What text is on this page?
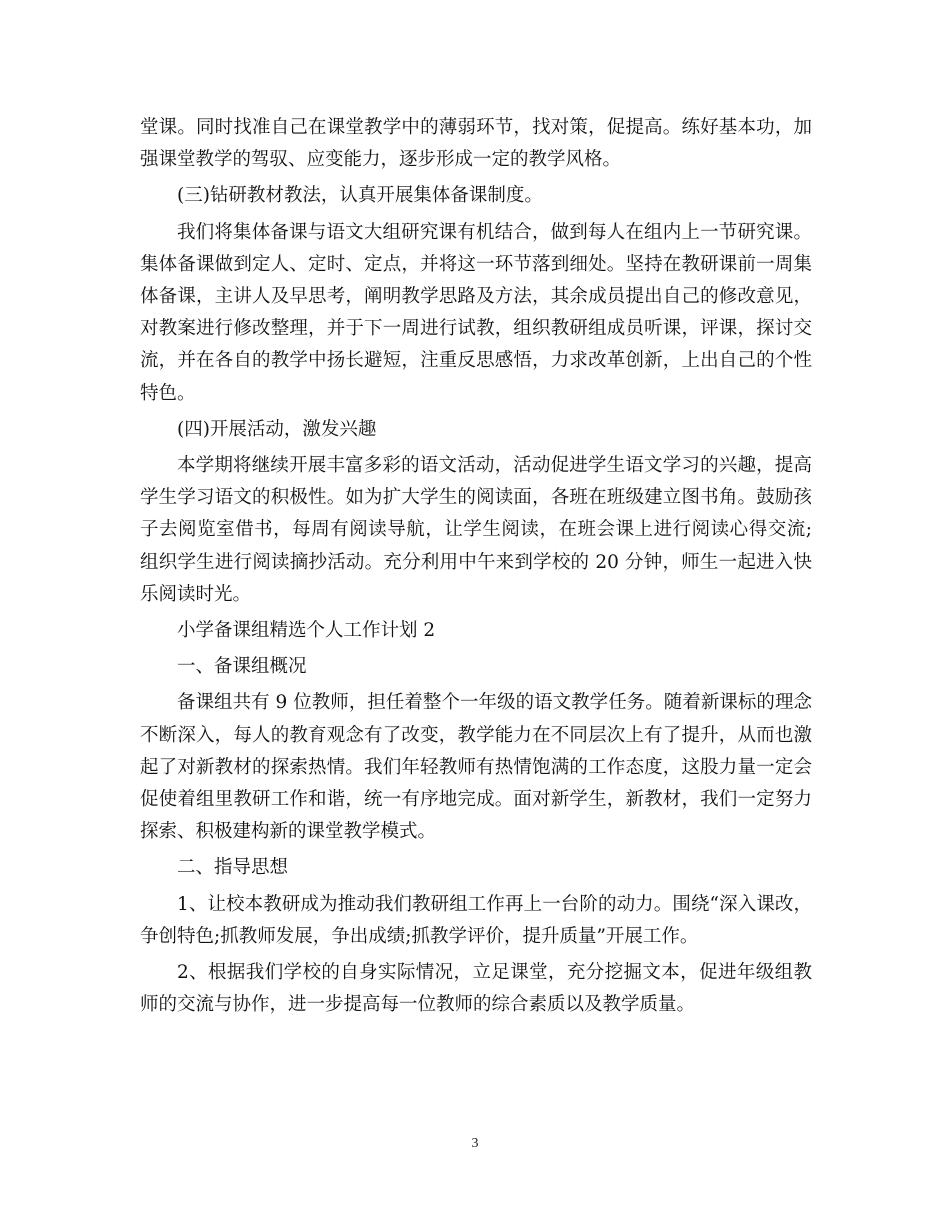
堂课。同时找准自己在课堂教学中的薄弱环节，找对策，促提高。练好基本功，加

强课堂教学的驾驭、应变能力，逐步形成一定的教学风格。

(三)钻研教材教法，认真开展集体备课制度。

我们将集体备课与语文大组研究课有机结合，做到每人在组内上一节研究课。

集体备课做到定人、定时、定点，并将这一环节落到细处。坚持在教研课前一周集

体备课，主讲人及早思考，阐明教学思路及方法，其余成员提出自己的修改意见，

对教案进行修改整理，并于下一周进行试教，组织教研组成员听课，评课，探讨交

流，并在各自的教学中扬长避短，注重反思感悟，力求改革创新，上出自己的个性

特色。

(四)开展活动，激发兴趣

本学期将继续开展丰富多彩的语文活动，活动促进学生语文学习的兴趣，提高

学生学习语文的积极性。如为扩大学生的阅读面，各班在班级建立图书角。鼓励孩

子去阅览室借书，每周有阅读导航，让学生阅读，在班会课上进行阅读心得交流;

组织学生进行阅读摘抄活动。充分利用中午来到学校的 20 分钟，师生一起进入快

乐阅读时光。

小学备课组精选个人工作计划 2

一、备课组概况

备课组共有 9 位教师，担任着整个一年级的语文教学任务。随着新课标的理念

不断深入，每人的教育观念有了改变，教学能力在不同层次上有了提升，从而也激

起了对新教材的探索热情。我们年轻教师有热情饱满的工作态度，这股力量一定会

促使着组里教研工作和谐，统一有序地完成。面对新学生，新教材，我们一定努力

探索、积极建构新的课堂教学模式。

二、指导思想

1、让校本教研成为推动我们教研组工作再上一台阶的动力。围绕“深入课改，

争创特色;抓教师发展，争出成绩;抓教学评价，提升质量”开展工作。

2、根据我们学校的自身实际情况，立足课堂，充分挖掘文本，促进年级组教

师的交流与协作，进一步提高每一位教师的综合素质以及教学质量。

3
